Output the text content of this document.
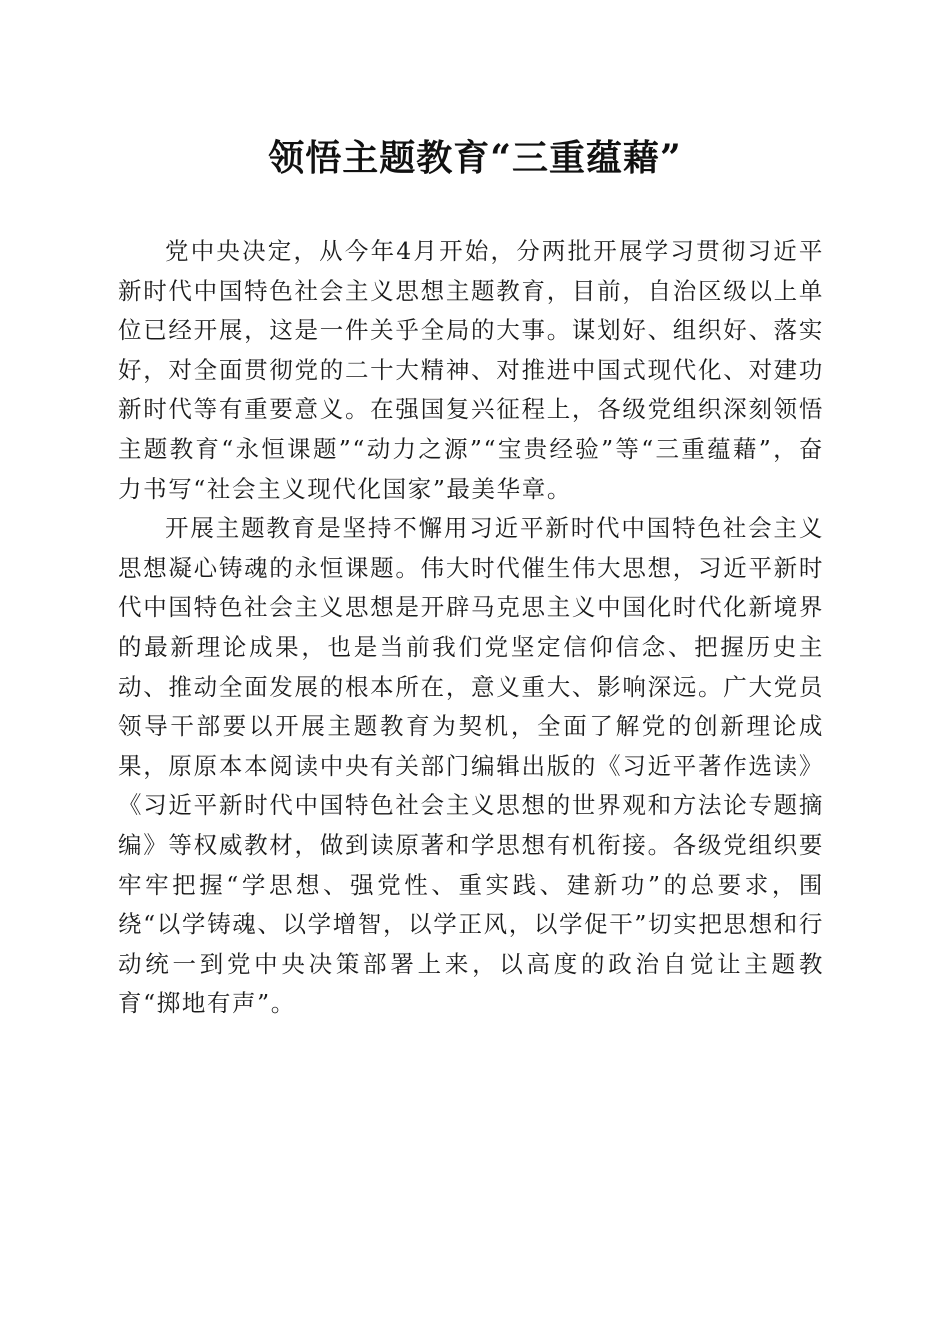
领悟主题教育“三重蕴藉”

党中央决定，从今年4月开始，分两批开展学习贯彻习近平新时代中国特色社会主义思想主题教育，目前，自治区级以上单位已经开展，这是一件关乎全局的大事。谋划好、组织好、落实好，对全面贯彻党的二十大精神、对推进中国式现代化、对建功新时代等有重要意义。在强国复兴征程上，各级党组织深刻领悟主题教育“永恒课题”“动力之源”“宝贵经验”等“三重蕴藉”，奋力书写“社会主义现代化国家”最美华章。

开展主题教育是坚持不懈用习近平新时代中国特色社会主义思想凝心铸魂的永恒课题。伟大时代催生伟大思想，习近平新时代中国特色社会主义思想是开辟马克思主义中国化时代化新境界的最新理论成果，也是当前我们党坚定信仰信念、把握历史主动、推动全面发展的根本所在，意义重大、影响深远。广大党员领导干部要以开展主题教育为契机，全面了解党的创新理论成果，原原本本阅读中央有关部门编辑出版的《习近平著作选读》《习近平新时代中国特色社会主义思想的世界观和方法论专题摘编》等权威教材，做到读原著和学思想有机衔接。各级党组织要牢牢把握“学思想、强党性、重实践、建新功”的总要求，围绕“以学铸魂、以学增智，以学正风，以学促干”切实把思想和行动统一到党中央决策部署上来，以高度的政治自觉让主题教育“掷地有声”。
